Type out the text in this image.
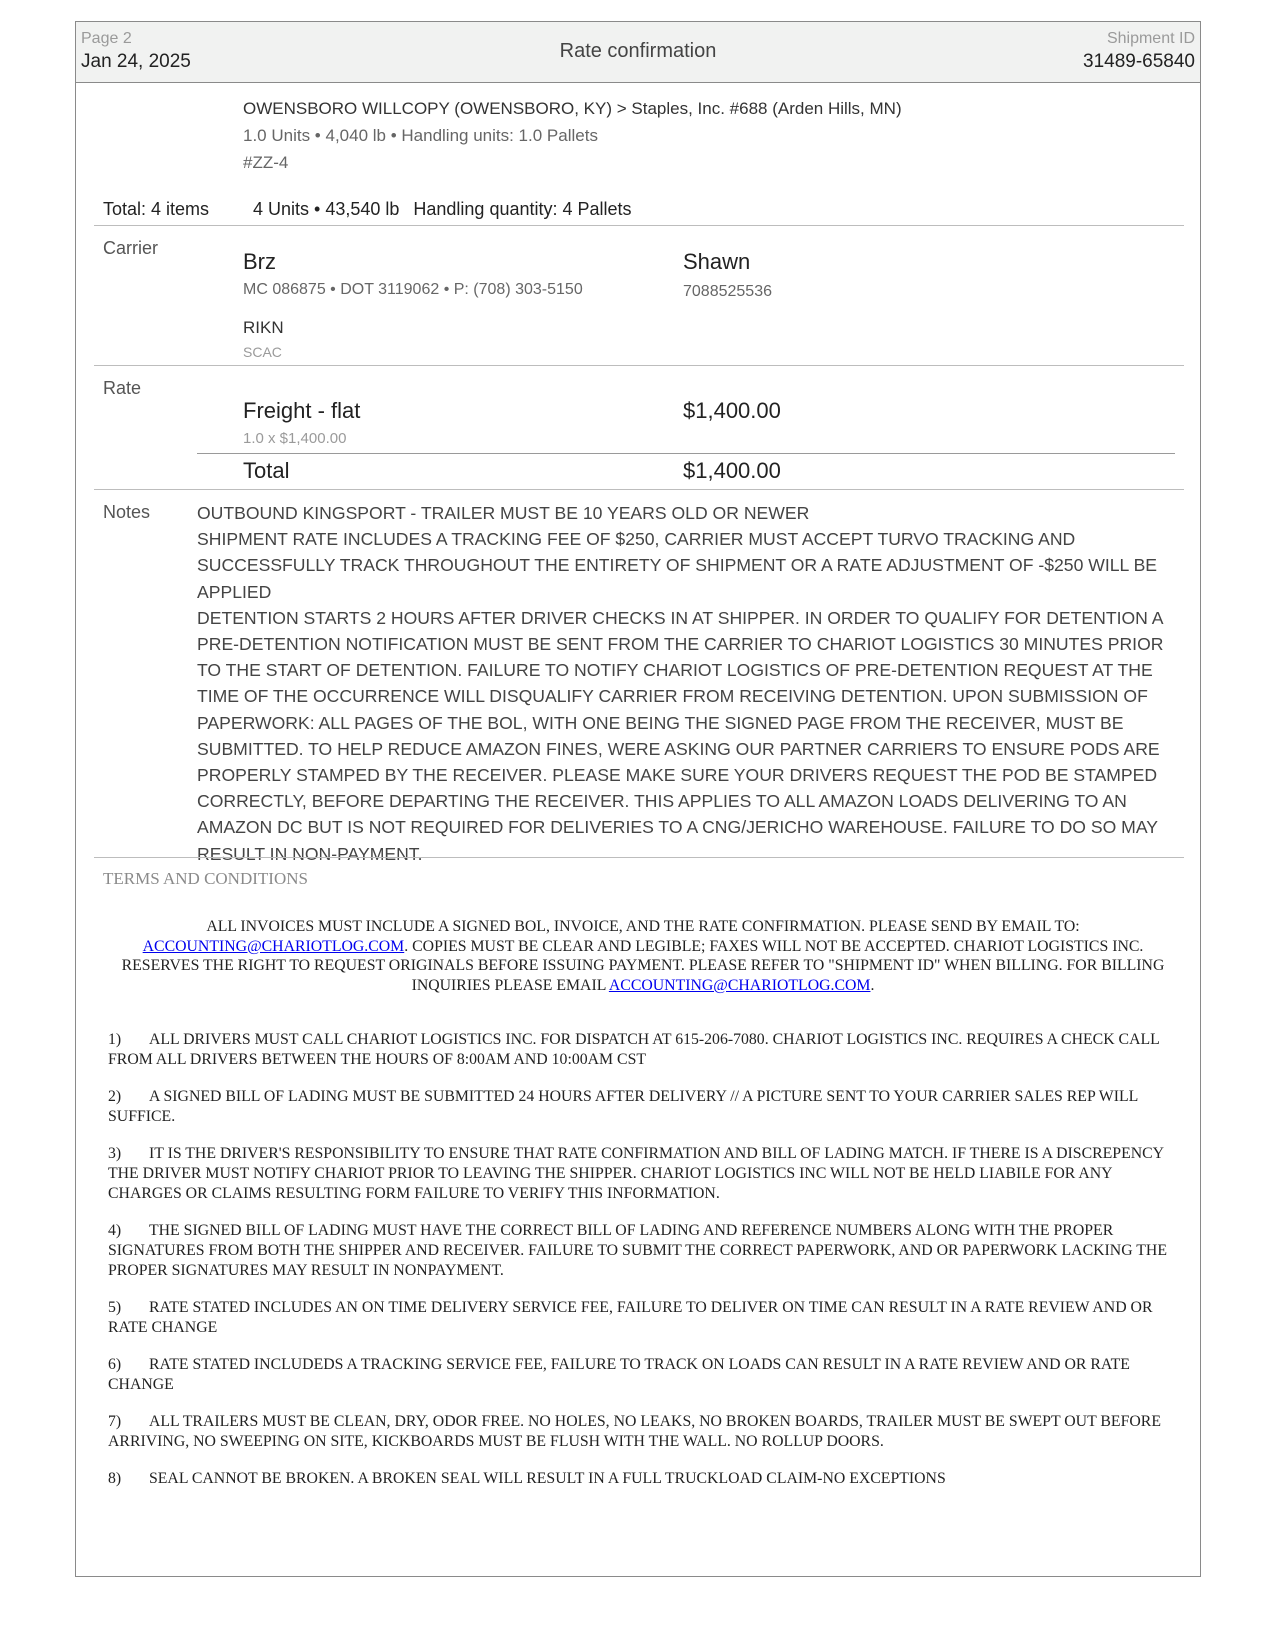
Page 2
Jan 24, 2025	Rate confirmation
Shipment ID
31489-65840
OWENSBORO WILLCOPY (OWENSBORO, KY) > Staples, Inc. #688 (Arden Hills, MN)
1.0 Units • 4,040 lb • Handling units: 1.0 Pallets
#ZZ-4
Total: 4 items 4 Units • 43,540 lb Handling quantity: 4 Pallets
Carrier
Brz
MC 086875 • DOT 3119062 • P: (708) 303-5150
Shawn
7088525536
RIKN
SCAC
Rate
Freight - flat	$1,400.00
1.0 x $1,400.00
Total	$1,400.00
Notes	OUTBOUND KINGSPORT - TRAILER MUST BE 10 YEARS OLD OR NEWER

SHIPMENT RATE INCLUDES A TRACKING FEE OF $250, CARRIER MUST ACCEPT TURVO TRACKING AND SUCCESSFULLY TRACK THROUGHOUT THE ENTIRETY OF SHIPMENT OR A RATE ADJUSTMENT OF -$250 WILL BE APPLIED

DETENTION STARTS 2 HOURS AFTER DRIVER CHECKS IN AT SHIPPER. IN ORDER TO QUALIFY FOR DETENTION A PRE-DETENTION NOTIFICATION MUST BE SENT FROM THE CARRIER TO CHARIOT LOGISTICS 30 MINUTES PRIOR TO THE START OF DETENTION. FAILURE TO NOTIFY CHARIOT LOGISTICS OF PRE-DETENTION REQUEST AT THE TIME OF THE OCCURRENCE WILL DISQUALIFY CARRIER FROM RECEIVING DETENTION. UPON SUBMISSION OF PAPERWORK: ALL PAGES OF THE BOL, WITH ONE BEING THE SIGNED PAGE FROM THE RECEIVER, MUST BE SUBMITTED. TO HELP REDUCE AMAZON FINES, WERE ASKING OUR PARTNER CARRIERS TO ENSURE PODS ARE PROPERLY STAMPED BY THE RECEIVER. PLEASE MAKE SURE YOUR DRIVERS REQUEST THE POD BE STAMPED CORRECTLY, BEFORE DEPARTING THE RECEIVER. THIS APPLIES TO ALL AMAZON LOADS DELIVERING TO AN AMAZON DC BUT IS NOT REQUIRED FOR DELIVERIES TO A CNG/JERICHO WAREHOUSE. FAILURE TO DO SO MAY RESULT IN NON-PAYMENT.

TERMS AND CONDITIONS
ALL INVOICES MUST INCLUDE A SIGNED BOL, INVOICE, AND THE RATE CONFIRMATION. PLEASE SEND BY EMAIL TO: ACCOUNTING@CHARIOTLOG.COM. COPIES MUST BE CLEAR AND LEGIBLE; FAXES WILL NOT BE ACCEPTED. CHARIOT LOGISTICS INC. RESERVES THE RIGHT TO REQUEST ORIGINALS BEFORE ISSUING PAYMENT. PLEASE REFER TO "SHIPMENT ID" WHEN BILLING. FOR BILLING INQUIRIES PLEASE EMAIL ACCOUNTING@CHARIOTLOG.COM.
1) ALL DRIVERS MUST CALL CHARIOT LOGISTICS INC. FOR DISPATCH AT 615-206-7080. CHARIOT LOGISTICS INC. REQUIRES A CHECK CALL FROM ALL DRIVERS BETWEEN THE HOURS OF 8:00AM AND 10:00AM CST
2) A SIGNED BILL OF LADING MUST BE SUBMITTED 24 HOURS AFTER DELIVERY // A PICTURE SENT TO YOUR CARRIER SALES REP WILL SUFFICE.
3) IT IS THE DRIVER'S RESPONSIBILITY TO ENSURE THAT RATE CONFIRMATION AND BILL OF LADING MATCH. IF THERE IS A DISCREPENCY THE DRIVER MUST NOTIFY CHARIOT PRIOR TO LEAVING THE SHIPPER. CHARIOT LOGISTICS INC WILL NOT BE HELD LIABILE FOR ANY CHARGES OR CLAIMS RESULTING FORM FAILURE TO VERIFY THIS INFORMATION.
4) THE SIGNED BILL OF LADING MUST HAVE THE CORRECT BILL OF LADING AND REFERENCE NUMBERS ALONG WITH THE PROPER SIGNATURES FROM BOTH THE SHIPPER AND RECEIVER. FAILURE TO SUBMIT THE CORRECT PAPERWORK, AND OR PAPERWORK LACKING THE PROPER SIGNATURES MAY RESULT IN NONPAYMENT.
5) RATE STATED INCLUDES AN ON TIME DELIVERY SERVICE FEE, FAILURE TO DELIVER ON TIME CAN RESULT IN A RATE REVIEW AND OR RATE CHANGE
6) RATE STATED INCLUDEDS A TRACKING SERVICE FEE, FAILURE TO TRACK ON LOADS CAN RESULT IN A RATE REVIEW AND OR RATE CHANGE
7) ALL TRAILERS MUST BE CLEAN, DRY, ODOR FREE. NO HOLES, NO LEAKS, NO BROKEN BOARDS, TRAILER MUST BE SWEPT OUT BEFORE ARRIVING, NO SWEEPING ON SITE, KICKBOARDS MUST BE FLUSH WITH THE WALL. NO ROLLUP DOORS.
8) SEAL CANNOT BE BROKEN. A BROKEN SEAL WILL RESULT IN A FULL TRUCKLOAD CLAIM-NO EXCEPTIONS
